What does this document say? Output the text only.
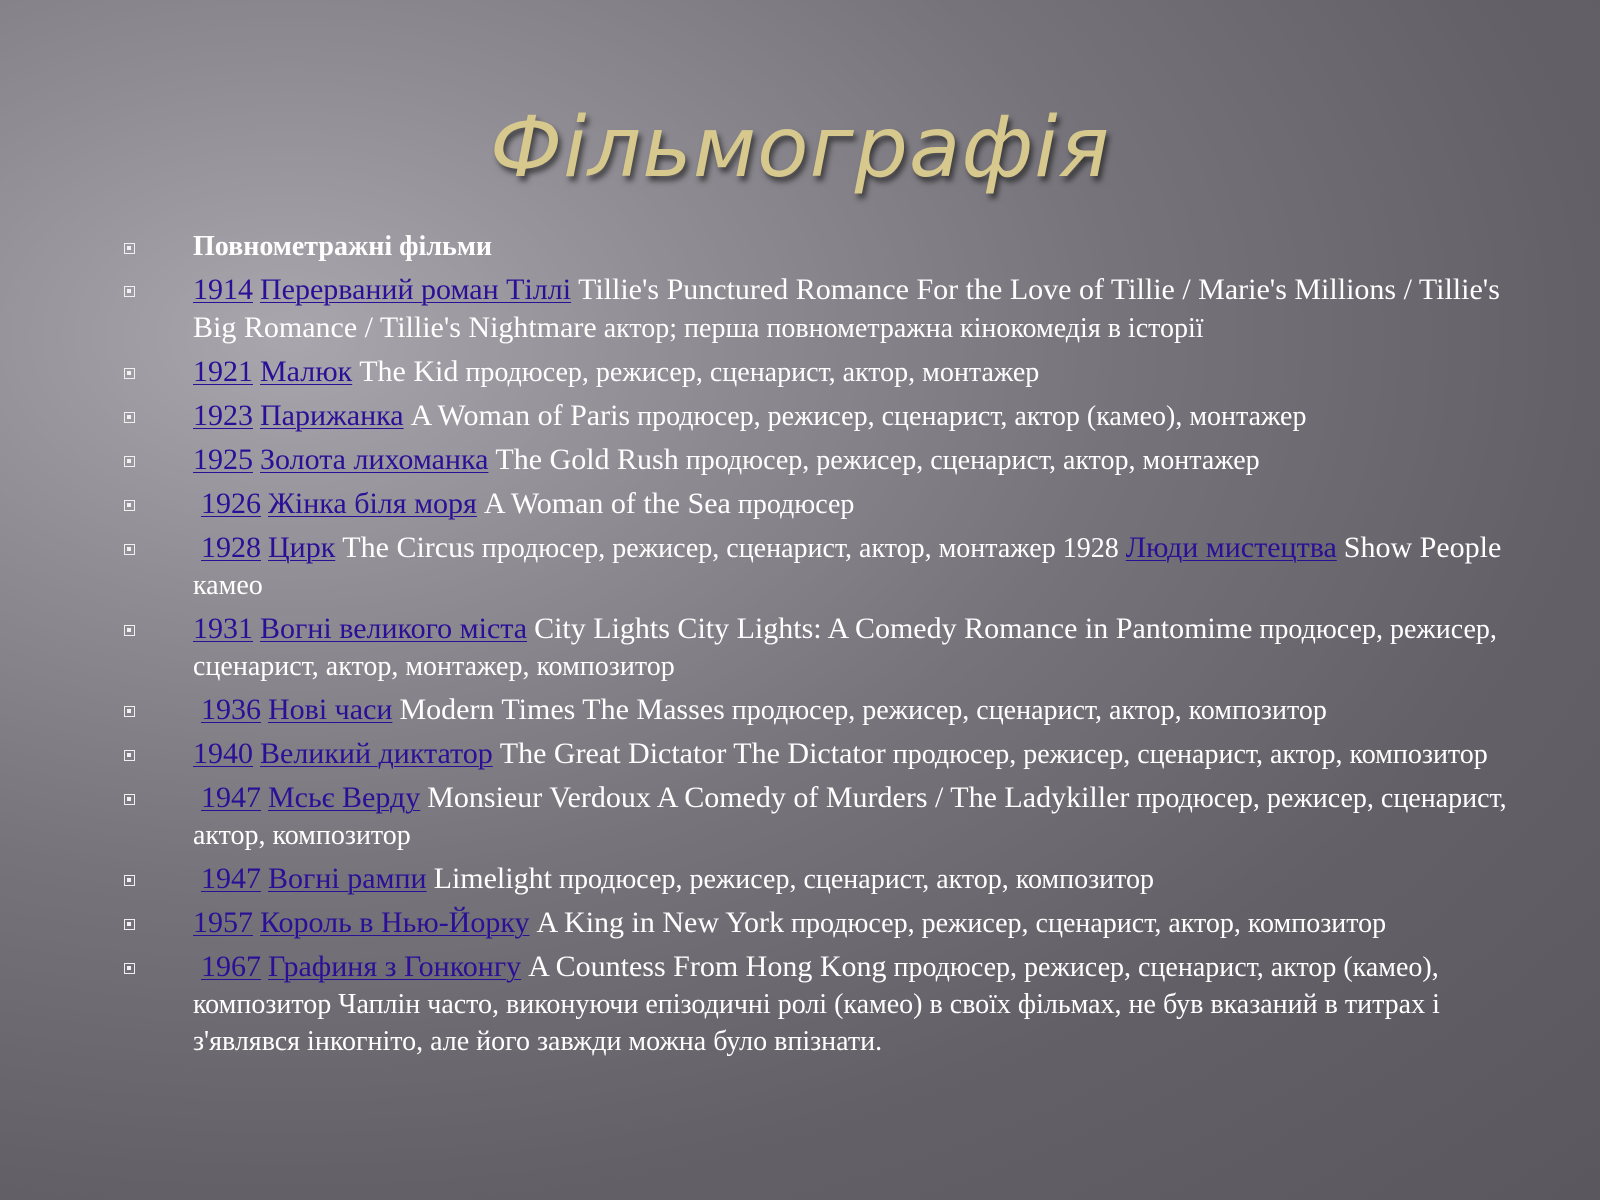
Фільмографія
Повнометражні фільми
1914 Перерваний роман Тіллі Tillie's Punctured Romance For the Love of Tillie / Marie's Millions / Tillie's Big Romance / Tillie's Nightmare актор; перша повнометражна кінокомедія в історії
1921 Малюк The Kid продюсер, режисер, сценарист, актор, монтажер
1923 Парижанка A Woman of Paris продюсер, режисер, сценарист, актор (камео), монтажер
1925 Золота лихоманка The Gold Rush продюсер, режисер, сценарист, актор, монтажер
1926 Жінка біля моря A Woman of the Sea продюсер
1928 Цирк The Circus продюсер, режисер, сценарист, актор, монтажер 1928 Люди мистецтва Show People камео
1931 Вогні великого міста City Lights City Lights: A Comedy Romance in Pantomime продюсер, режисер, сценарист, актор, монтажер, композитор
1936 Нові часи Modern Times The Masses продюсер, режисер, сценарист, актор, композитор
1940 Великий диктатор The Great Dictator The Dictator продюсер, режисер, сценарист, актор, композитор
1947 Мсьє Верду Monsieur Verdoux A Comedy of Murders / The Ladykiller продюсер, режисер, сценарист, актор, композитор
1947 Вогні рампи Limelight продюсер, режисер, сценарист, актор, композитор
1957 Король в Нью-Йорку A King in New York продюсер, режисер, сценарист, актор, композитор
1967 Графиня з Гонконгу A Countess From Hong Kong продюсер, режисер, сценарист, актор (камео), композитор Чаплін часто, виконуючи епізодичні ролі (камео) в своїх фільмах, не був вказаний в титрах і з'являвся інкогніто, але його завжди можна було впізнати.
